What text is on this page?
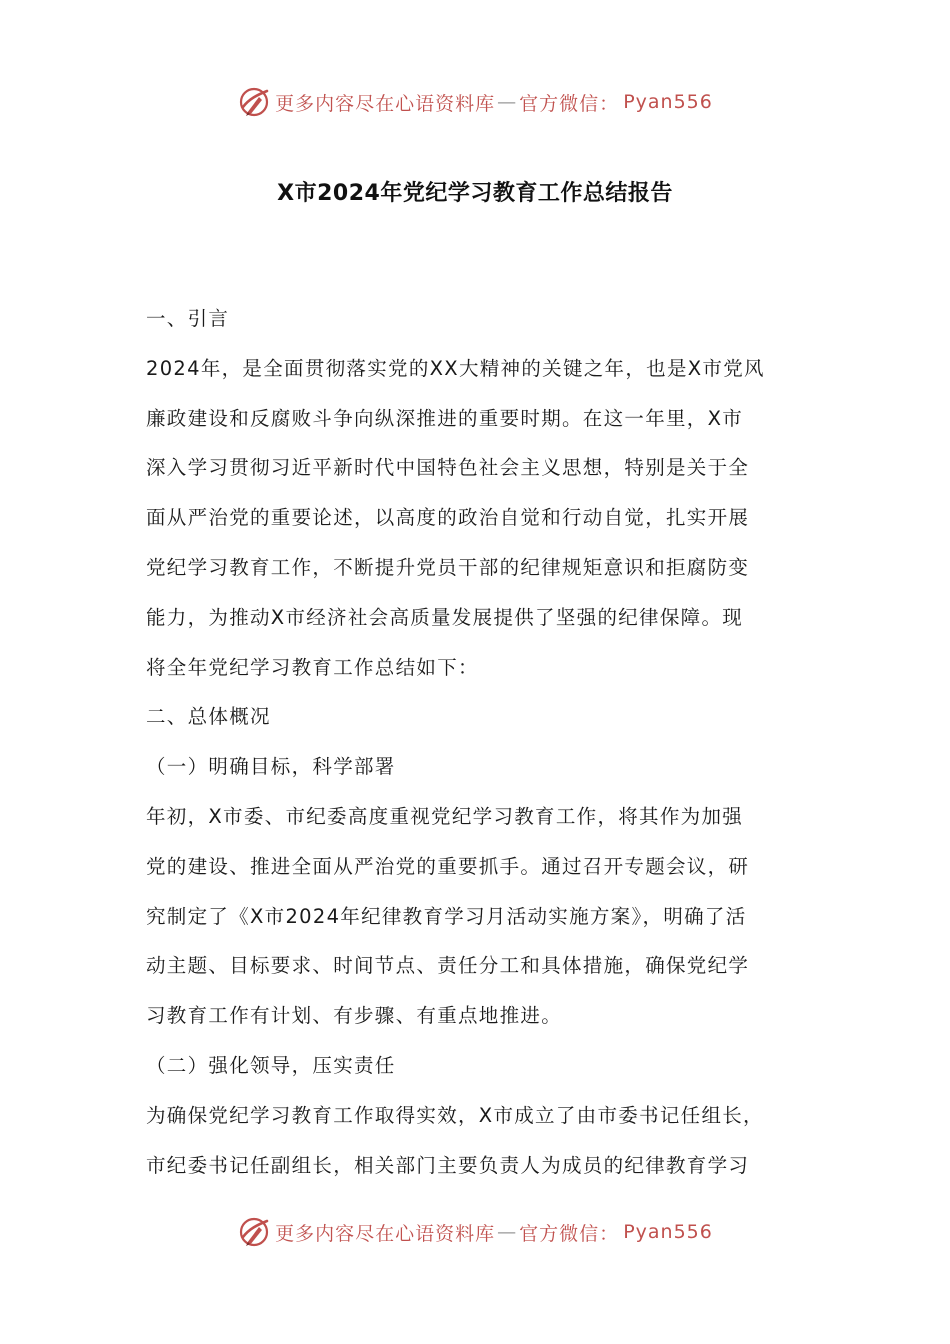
更多内容尽在心语资料库 — 官方微信： Pyan556
X市2024年党纪学习教育工作总结报告
一、引言
2024年，是全面贯彻落实党的XX大精神的关键之年，也是X市党风
廉政建设和反腐败斗争向纵深推进的重要时期。在这一年里，X市
深入学习贯彻习近平新时代中国特色社会主义思想，特别是关于全
面从严治党的重要论述，以高度的政治自觉和行动自觉，扎实开展
党纪学习教育工作，不断提升党员干部的纪律规矩意识和拒腐防变
能力，为推动X市经济社会高质量发展提供了坚强的纪律保障。现
将全年党纪学习教育工作总结如下：
二、总体概况
（一）明确目标，科学部署
年初，X市委、市纪委高度重视党纪学习教育工作，将其作为加强
党的建设、推进全面从严治党的重要抓手。通过召开专题会议，研
究制定了《X市2024年纪律教育学习月活动实施方案》，明确了活
动主题、目标要求、时间节点、责任分工和具体措施，确保党纪学
习教育工作有计划、有步骤、有重点地推进。
（二）强化领导，压实责任
为确保党纪学习教育工作取得实效，X市成立了由市委书记任组长，
市纪委书记任副组长，相关部门主要负责人为成员的纪律教育学习
更多内容尽在心语资料库 — 官方微信： Pyan556
